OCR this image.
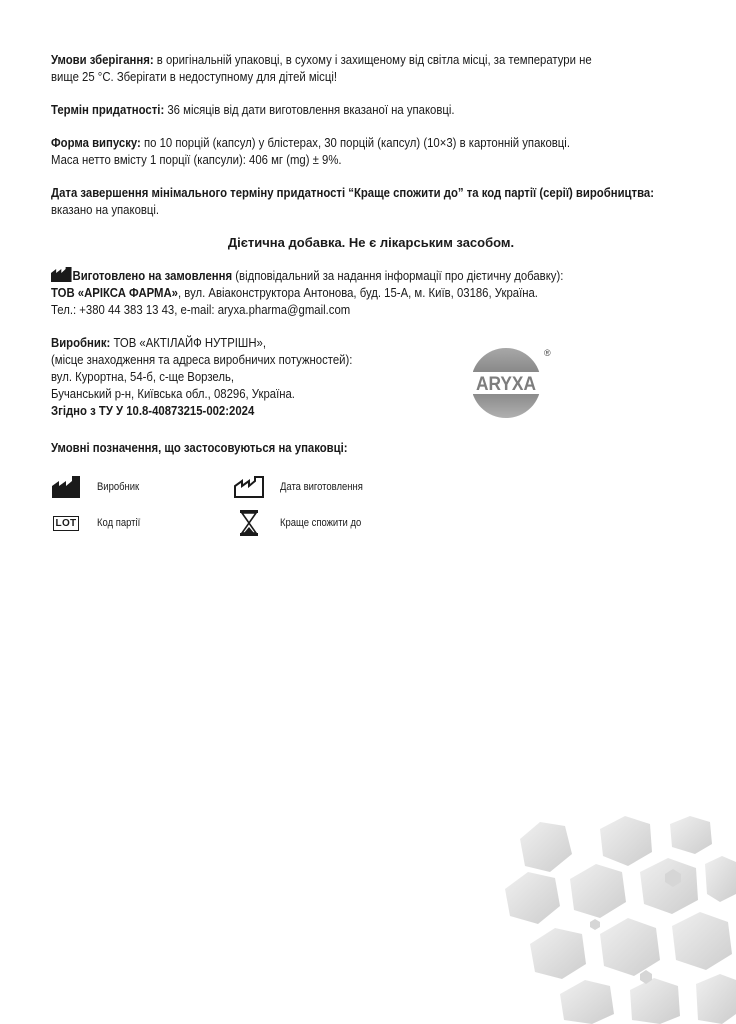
Умови зберігання: в оригінальній упаковці, в сухому і захищеному від світла місці, за температури не
вище 25 °С. Зберігати в недоступному для дітей місці!
Термін придатності: 36 місяців від дати виготовлення вказаної на упаковці.
Форма випуску: по 10 порцій (капсул) у блістерах, 30 порцій (капсул) (10×3) в картонній упаковці.
Маса нетто вмісту 1 порції (капсули): 406 мг (mg) ± 9%.
Дата завершення мінімального терміну придатності “Краще спожити до” та код партії (серії) виробництва:
вказано на упаковці.
Дієтична добавка. Не є лікарським засобом.
Виготовлено на замовлення (відповідальний за надання інформації про дієтичну добавку):
ТОВ «АРІКСА ФАРМА», вул. Авіаконструктора Антонова, буд. 15-А, м. Київ, 03186, Україна.
Тел.: +380 44 383 13 43, e-mail: aryxa.pharma@gmail.com
Виробник: ТОВ «АКТІЛАЙФ НУТРІШН»,
(місце знаходження та адреса виробничих потужностей):
вул. Курортна, 54-б, с-ще Ворзель,
Бучанський р-н, Київська обл., 08296, Україна.
Згідно з ТУ У 10.8-40873215-002:2024
Умовні позначення, що застосовуються на упаковці:
ARYXA
®
Виробник	Дата виготовлення
LOT Код партії	Краще спожити до
